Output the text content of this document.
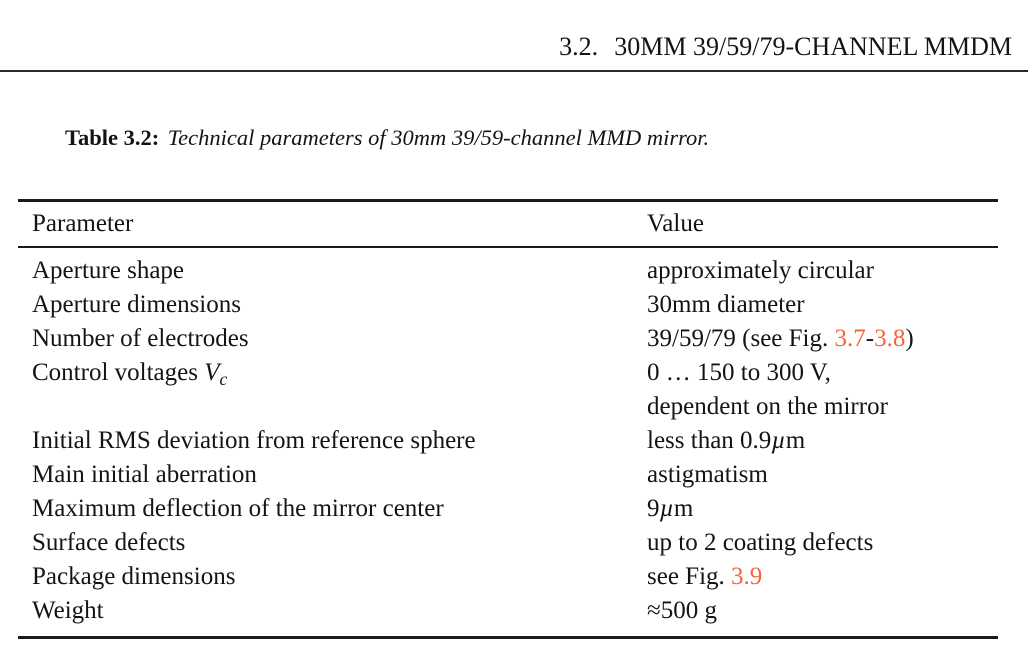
3.2. 30MM 39/59/79-CHANNEL MMDM
Table 3.2: Technical parameters of 30mm 39/59-channel MMD mirror.
Parameter	Value
Aperture shape	approximately circular
Aperture dimensions	30mm diameter
Number of electrodes	39/59/79 (see Fig. 3.7-3.8)
Control voltages Vc	0 … 150 to 300 V,
dependent on the mirror
Initial RMS deviation from reference sphere	less than 0.9µm
Main initial aberration	astigmatism
Maximum deflection of the mirror center	9µm
Surface defects	up to 2 coating defects
Package dimensions	see Fig. 3.9
Weight	≈500 g
